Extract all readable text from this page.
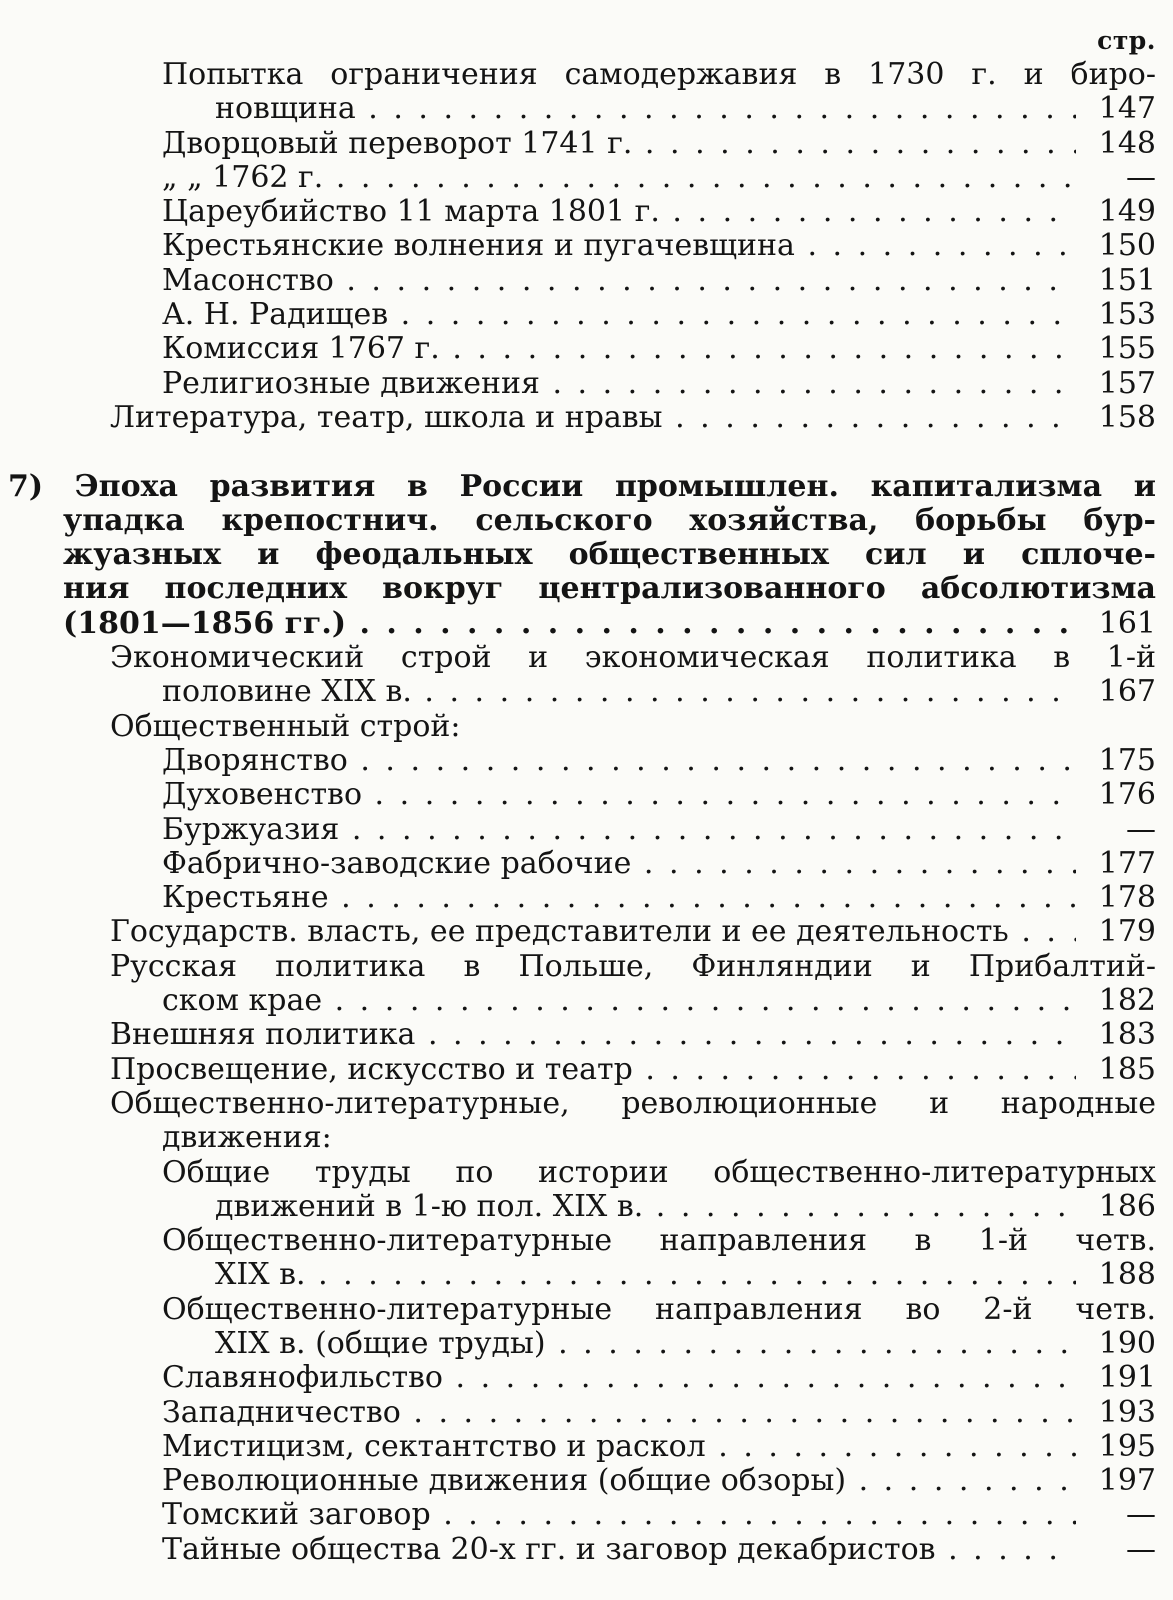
стр.
Попытка ограничения самодержавия в 1730 г. и биро-
новщина . . .	147
Дворцовый переворот 1741 г. . . .	148
„ „ 1762 г. . . .	—
Цареубийство 11 марта 1801 г. . . .	149
Крестьянские волнения и пугачевщина . . .	150
Масонство . . .	151
А. Н. Радищев . . .	153
Комиссия 1767 г. . . .	155
Религиозные движения . . .	157
Литература, театр, школа и нравы . . .	158
7) Эпоха развития в России промышлен. капитализма и
упадка крепостнич. сельского хозяйства, борьбы бур-
жуазных и феодальных общественных сил и сплоче-
ния последних вокруг централизованного абсолютизма
(1801—1856 гг.) . . .	161
Экономический строй и экономическая политика в 1-й
половине XIX в. . . .	167
Общественный строй:
Дворянство . . .	175
Духовенство . . .	176
Буржуазия . . .	—
Фабрично-заводские рабочие . . .	177
Крестьяне . . .	178
Государств. власть, ее представители и ее деятельность . . .	179
Русская политика в Польше, Финляндии и Прибалтий-
ском крае . . .	182
Внешняя политика . . .	183
Просвещение, искусство и театр . . .	185
Общественно-литературные, революционные и народные
движения:
Общие труды по истории общественно-литературных
движений в 1-ю пол. XIX в. . . .	186
Общественно-литературные направления в 1-й четв.
XIX в. . . .	188
Общественно-литературные направления во 2-й четв.
XIX в. (общие труды) . . .	190
Славянофильство . . .	191
Западничество . . .	193
Мистицизм, сектантство и раскол . . .	195
Революционные движения (общие обзоры) . . .	197
Томский заговор . . .	—
Тайные общества 20-х гг. и заговор декабристов . . .	—
